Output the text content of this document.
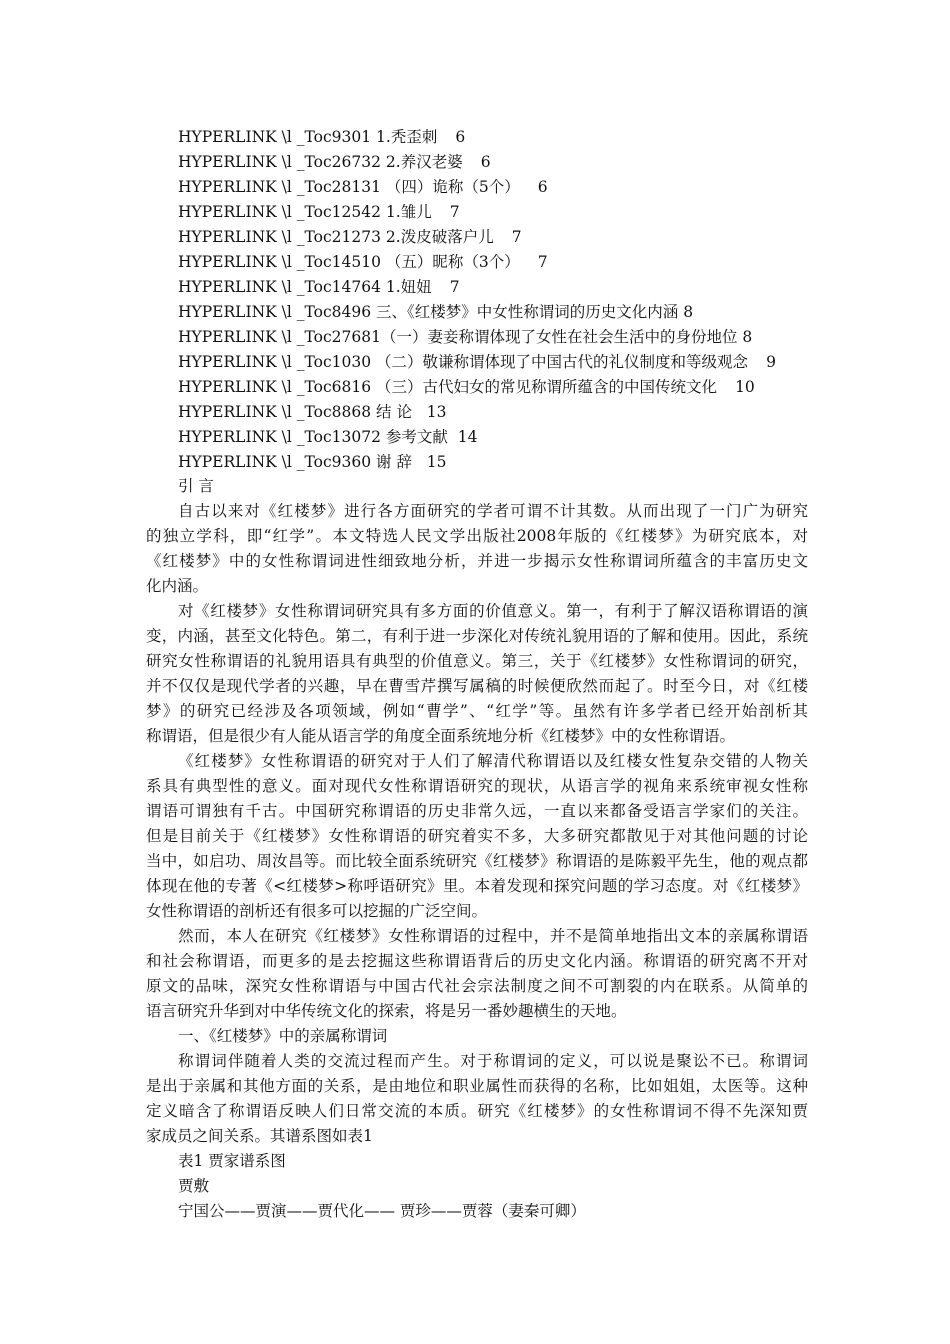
HYPERLINK \l _Toc9301 1.秃歪刺 6
HYPERLINK \l _Toc26732 2.养汉老婆 6
HYPERLINK \l _Toc28131 （四）诡称（5个） 6
HYPERLINK \l _Toc12542 1.雏儿 7
HYPERLINK \l _Toc21273 2.泼皮破落户儿 7
HYPERLINK \l _Toc14510 （五）昵称（3个） 7
HYPERLINK \l _Toc14764 1.妞妞 7
HYPERLINK \l _Toc8496 三、《红楼梦》中女性称谓词的历史文化内涵 8
HYPERLINK \l _Toc27681（一）妻妾称谓体现了女性在社会生活中的身份地位 8
HYPERLINK \l _Toc1030 （二）敬谦称谓体现了中国古代的礼仪制度和等级观念 9
HYPERLINK \l _Toc6816 （三）古代妇女的常见称谓所蕴含的中国传统文化 10
HYPERLINK \l _Toc8868 结 论 13
HYPERLINK \l _Toc13072 参考文献 14
HYPERLINK \l _Toc9360 谢 辞 15
引 言
自古以来对《红楼梦》进行各方面研究的学者可谓不计其数。从而出现了一门广为研究
的独立学科，即“红学”。本文特选人民文学出版社2008年版的《红楼梦》为研究底本，对
《红楼梦》中的女性称谓词进性细致地分析，并进一步揭示女性称谓词所蕴含的丰富历史文
化内涵。
对《红楼梦》女性称谓词研究具有多方面的价值意义。第一，有利于了解汉语称谓语的演
变，内涵，甚至文化特色。第二，有利于进一步深化对传统礼貌用语的了解和使用。因此，系统
研究女性称谓语的礼貌用语具有典型的价值意义。第三，关于《红楼梦》女性称谓词的研究，
并不仅仅是现代学者的兴趣，早在曹雪芹撰写属稿的时候便欣然而起了。时至今日，对《红楼
梦》的研究已经涉及各项领域，例如“曹学”、“红学”等。虽然有许多学者已经开始剖析其
称谓语，但是很少有人能从语言学的角度全面系统地分析《红楼梦》中的女性称谓语。
《红楼梦》女性称谓语的研究对于人们了解清代称谓语以及红楼女性复杂交错的人物关
系具有典型性的意义。面对现代女性称谓语研究的现状，从语言学的视角来系统审视女性称
谓语可谓独有千古。中国研究称谓语的历史非常久远，一直以来都备受语言学家们的关注。
但是目前关于《红楼梦》女性称谓语的研究着实不多，大多研究都散见于对其他问题的讨论
当中，如启功、周汝昌等。而比较全面系统研究《红楼梦》称谓语的是陈毅平先生，他的观点都
体现在他的专著《<红楼梦>称呼语研究》里。本着发现和探究问题的学习态度。对《红楼梦》
女性称谓语的剖析还有很多可以挖掘的广泛空间。
然而，本人在研究《红楼梦》女性称谓语的过程中，并不是简单地指出文本的亲属称谓语
和社会称谓语，而更多的是去挖掘这些称谓语背后的历史文化内涵。称谓语的研究离不开对
原文的品味，深究女性称谓语与中国古代社会宗法制度之间不可割裂的内在联系。从简单的
语言研究升华到对中华传统文化的探索，将是另一番妙趣横生的天地。
一、《红楼梦》中的亲属称谓词
称谓词伴随着人类的交流过程而产生。对于称谓词的定义，可以说是聚讼不已。称谓词
是出于亲属和其他方面的关系，是由地位和职业属性而获得的名称，比如姐姐，太医等。这种
定义暗含了称谓语反映人们日常交流的本质。研究《红楼梦》的女性称谓词不得不先深知贾
家成员之间关系。其谱系图如表1
表1 贾家谱系图
贾敷
宁国公——贾演——贾代化—— 贾珍——贾蓉（妻秦可卿）
